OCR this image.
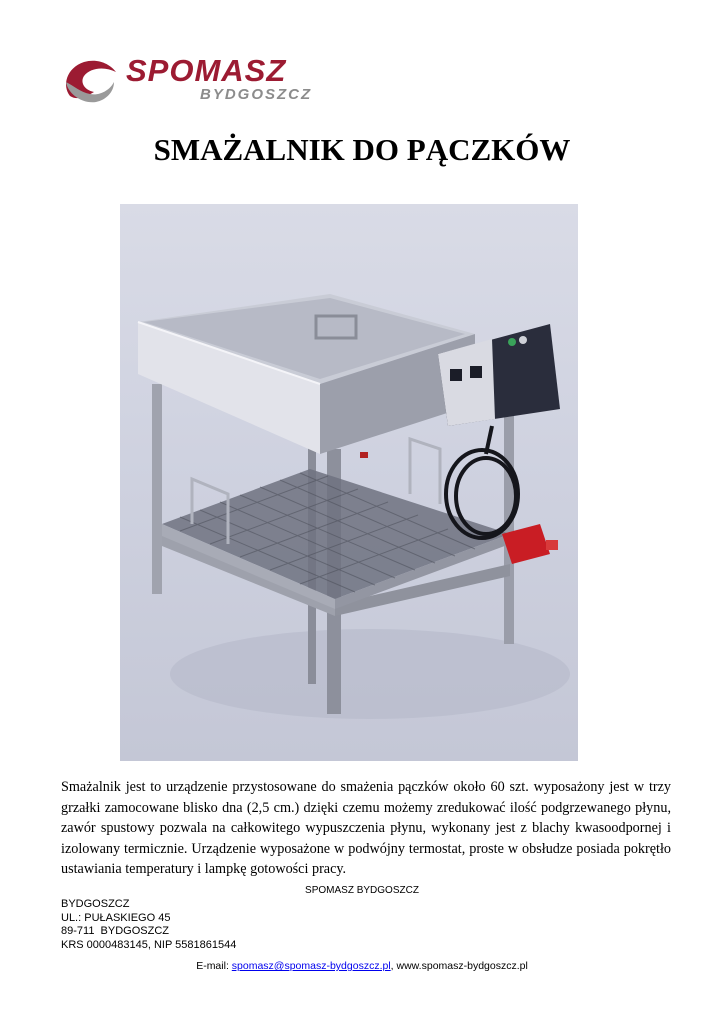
SPOMASZ
BYDGOSZCZ
SMAŻALNIK DO PĄCZKÓW
Smażalnik jest to urządzenie przystosowane do smażenia pączków około 60 szt. wyposażony jest w trzy grzałki zamocowane blisko dna (2,5 cm.) dzięki czemu możemy zredukować ilość podgrzewanego płynu, zawór spustowy pozwala na całkowitego wypuszczenia płynu, wykonany jest z blachy kwasoodpornej i izolowany termicznie. Urządzenie wyposażone w podwójny termostat, proste w obsłudze posiada pokrętło ustawiania temperatury i lampkę gotowości pracy.
SPOMASZ BYDGOSZCZ
BYDGOSZCZ
UL.: PUŁASKIEGO 45
89-711  BYDGOSZCZ
KRS 0000483145, NIP 5581861544
E-mail: spomasz@spomasz-bydgoszcz.pl, www.spomasz-bydgoszcz.pl
